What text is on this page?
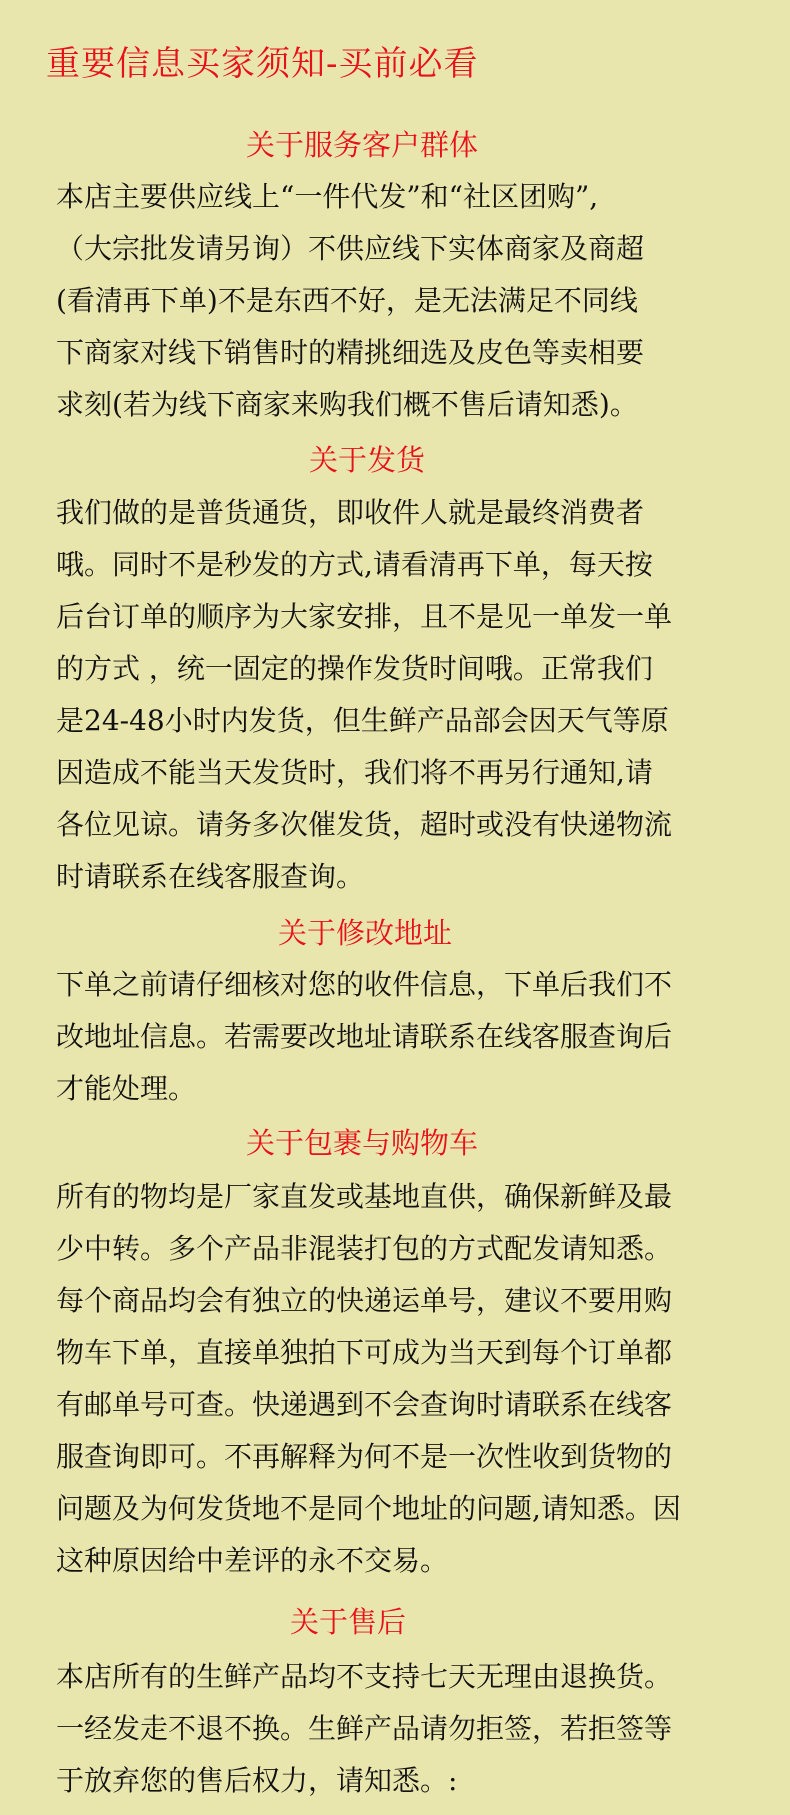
重要信息买家须知-买前必看
关于服务客户群体

本店主要供应线上“一件代发”和“社区团购”,

（大宗批发请另询）不供应线下实体商家及商超

(看清再下单)不是东西不好，是无法满足不同线

下商家对线下销售时的精挑细选及皮色等卖相要

求刻(若为线下商家来购我们概不售后请知悉)。

关于发货

我们做的是普货通货，即收件人就是最终消费者

哦。同时不是秒发的方式,请看清再下单，每天按

后台订单的顺序为大家安排，且不是见一单发一单

的方式 ，统一固定的操作发货时间哦。正常我们

是24-48小时内发货，但生鲜产品部会因天气等原

因造成不能当天发货时，我们将不再另行通知,请

各位见谅。请务多次催发货，超时或没有快递物流

时请联系在线客服查询。

关于修改地址

下单之前请仔细核对您的收件信息，下单后我们不

改地址信息。若需要改地址请联系在线客服查询后

才能处理。

关于包裹与购物车

所有的物均是厂家直发或基地直供，确保新鲜及最

少中转。多个产品非混装打包的方式配发请知悉。

每个商品均会有独立的快递运单号，建议不要用购

物车下单，直接单独拍下可成为当天到每个订单都

有邮单号可查。快递遇到不会查询时请联系在线客

服查询即可。不再解释为何不是一次性收到货物的

问题及为何发货地不是同个地址的问题,请知悉。因

这种原因给中差评的永不交易。

关于售后

本店所有的生鲜产品均不支持七天无理由退换货。

一经发走不退不换。生鲜产品请勿拒签，若拒签等

于放弃您的售后权力，请知悉。:
